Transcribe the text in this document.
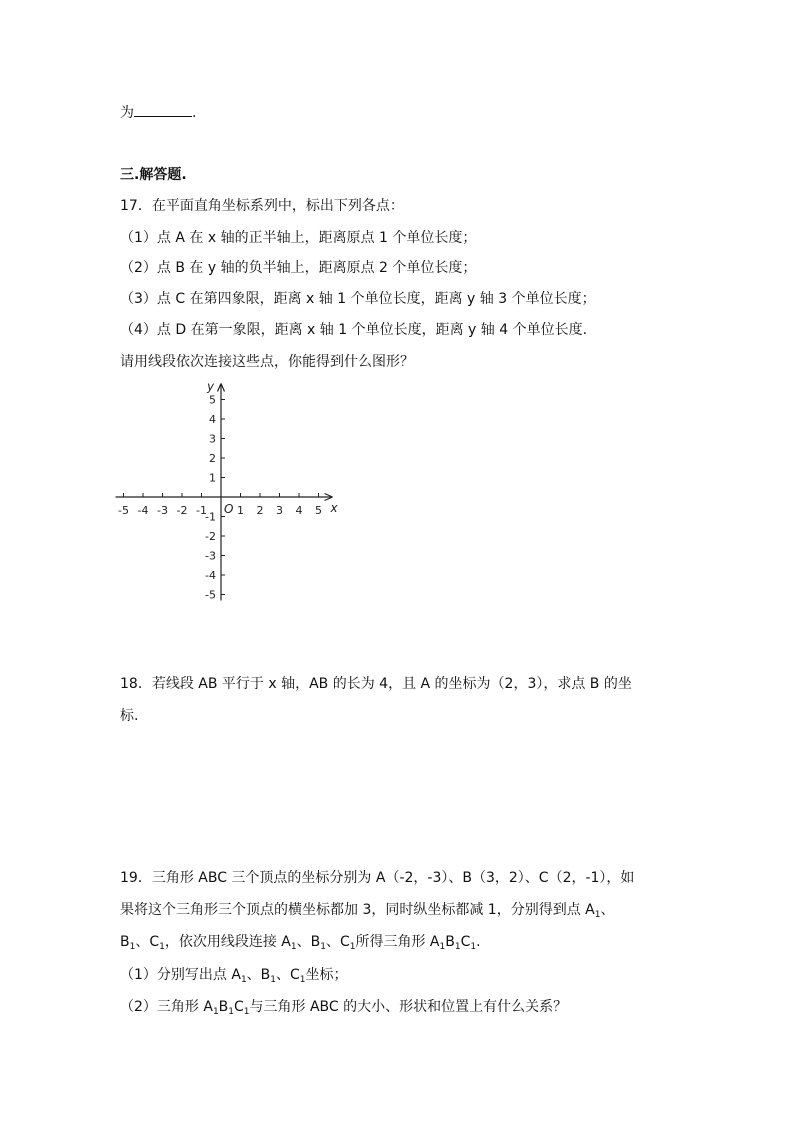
为	.
三.解答题.
17．在平面直角坐标系列中，标出下列各点：
（1）点 A 在 x 轴的正半轴上，距离原点 1 个单位长度；
（2）点 B 在 y 轴的负半轴上，距离原点 2 个单位长度；
（3）点 C 在第四象限，距离 x 轴 1 个单位长度，距离 y 轴 3 个单位长度；
（4）点 D 在第一象限，距离 x 轴 1 个单位长度，距离 y 轴 4 个单位长度.
请用线段依次连接这些点，你能得到什么图形？
-5 -4 -3 -2 -1	1 2 3 4 5
-5
-4
-3
-2
-1
1
2
3
4
5
x
y
O
18．若线段 AB 平行于 x 轴，AB 的长为 4，且 A 的坐标为（2，3），求点 B 的坐
标.
19．三角形 ABC 三个顶点的坐标分别为 A（-2，-3）、B（3，2）、C（2，-1），如
果将这个三角形三个顶点的横坐标都加 3，同时纵坐标都减 1，分别得到点 $A_1$、
$B_1$、$C_1$，依次用线段连接 $A_1$、$B_1$、$C_1$所得三角形 $A_1B_1C_1$.
（1）分别写出点 $A_1$、$B_1$、$C_1$坐标；
（2）三角形 $A_1B_1C_1$与三角形 ABC 的大小、形状和位置上有什么关系？
